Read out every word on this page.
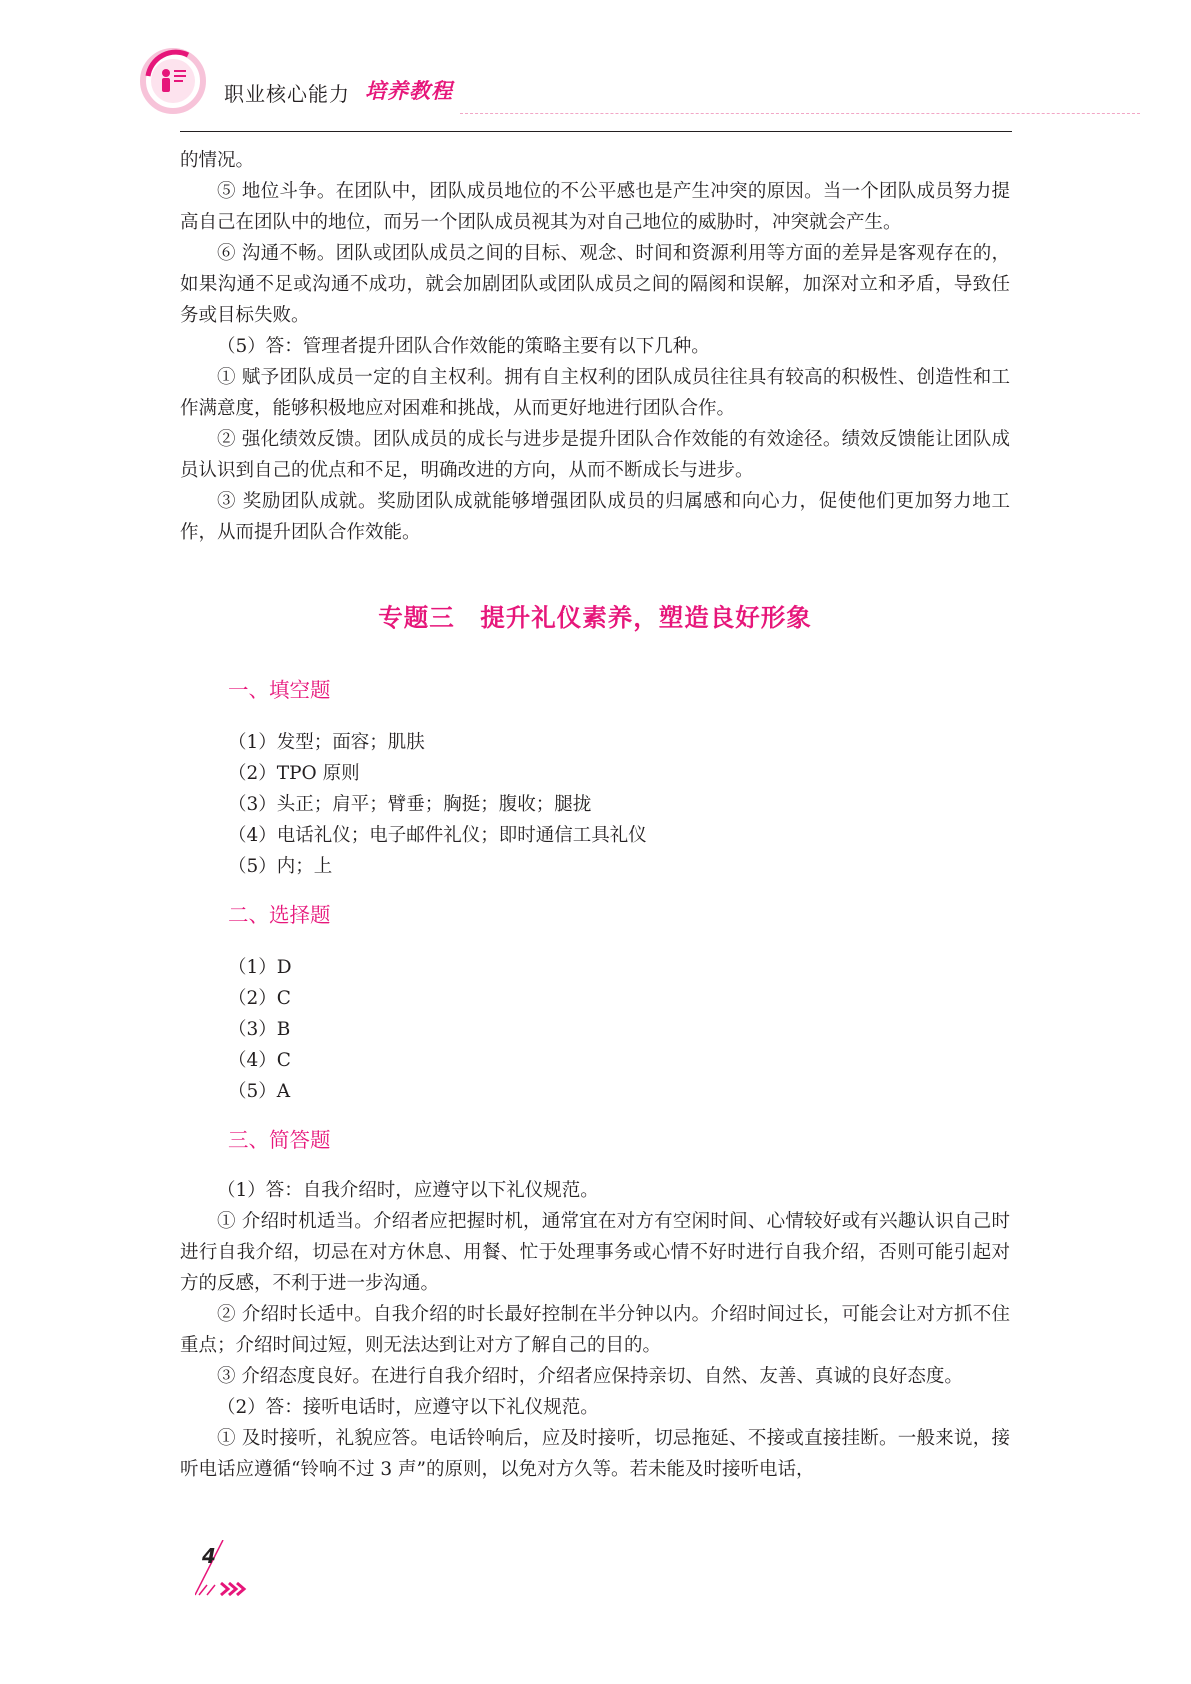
职业核心能力 培养教程

的情况。

⑤ 地位斗争。在团队中，团队成员地位的不公平感也是产生冲突的原因。当一个团队成员努力提高自己在团队中的地位，而另一个团队成员视其为对自己地位的威胁时，冲突就会产生。

⑥ 沟通不畅。团队或团队成员之间的目标、观念、时间和资源利用等方面的差异是客观存在的，如果沟通不足或沟通不成功，就会加剧团队或团队成员之间的隔阂和误解，加深对立和矛盾，导致任务或目标失败。

（5）答：管理者提升团队合作效能的策略主要有以下几种。

① 赋予团队成员一定的自主权利。拥有自主权利的团队成员往往具有较高的积极性、创造性和工作满意度，能够积极地应对困难和挑战，从而更好地进行团队合作。

② 强化绩效反馈。团队成员的成长与进步是提升团队合作效能的有效途径。绩效反馈能让团队成员认识到自己的优点和不足，明确改进的方向，从而不断成长与进步。

③ 奖励团队成就。奖励团队成就能够增强团队成员的归属感和向心力，促使他们更加努力地工作，从而提升团队合作效能。

专题三　提升礼仪素养，塑造良好形象
一、填空题
（1）发型；面容；肌肤
（2）TPO 原则
（3）头正；肩平；臂垂；胸挺；腹收；腿拢
（4）电话礼仪；电子邮件礼仪；即时通信工具礼仪
（5）内；上
二、选择题
（1）D
（2）C
（3）B
（4）C
（5）A
三、简答题

（1）答：自我介绍时，应遵守以下礼仪规范。

① 介绍时机适当。介绍者应把握时机，通常宜在对方有空闲时间、心情较好或有兴趣认识自己时进行自我介绍，切忌在对方休息、用餐、忙于处理事务或心情不好时进行自我介绍，否则可能引起对方的反感，不利于进一步沟通。

② 介绍时长适中。自我介绍的时长最好控制在半分钟以内。介绍时间过长，可能会让对方抓不住重点；介绍时间过短，则无法达到让对方了解自己的目的。

③ 介绍态度良好。在进行自我介绍时，介绍者应保持亲切、自然、友善、真诚的良好态度。

（2）答：接听电话时，应遵守以下礼仪规范。

① 及时接听，礼貌应答。电话铃响后，应及时接听，切忌拖延、不接或直接挂断。一般来说，接听电话应遵循“铃响不过 3 声”的原则，以免对方久等。若未能及时接听电话，

4
